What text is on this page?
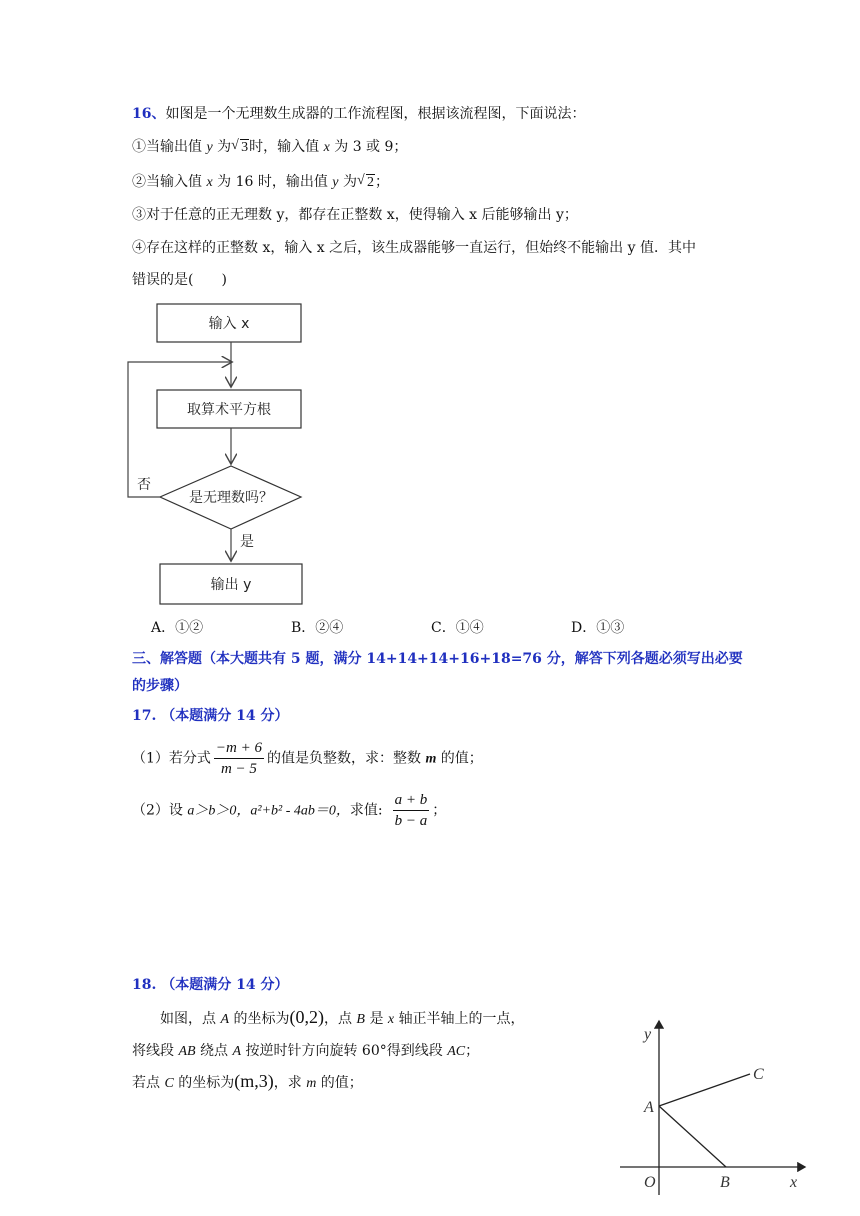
16、如图是一个无理数生成器的工作流程图，根据该流程图，下面说法：
①当输出值 y 为 √ 3时，输入值 x 为 3 或 9；
②当输入值 x 为 16 时，输出值 y 为 √ 2；
③对于任意的正无理数 y，都存在正整数 x，使得输入 x 后能够输出 y；
④存在这样的正整数 x，输入 x 之后，该生成器能够一直运行，但始终不能输出 y 值．其中
错误的是(　　)
输入 x
取算术平方根
是无理数吗？
否
是
输出 y
A．①②	B．②④	C．①④	D．①③
三、解答题（本大题共有 5 题，满分 14+14+14+16+18=76 分，解答下列各题必须写出必要
的步骤）
17. （本题满分 14 分）
（1）若分式 $\frac{-m + 6}{m - 5}$ 的值是负整数，求：整数 m 的值；
（2）设 a＞b＞0，a²+b² - 4ab＝0，求值: $\frac{a + b}{b - a}$ ；
18. （本题满分 14 分）
如图，点 A 的坐标为(0,2)，点 B 是 x 轴正半轴上的一点，
将线段 AB 绕点 A 按逆时针方向旋转 60°得到线段 AC；
若点 C 的坐标为(m,3)，求 m 的值；
y
x
O
A
B
C
